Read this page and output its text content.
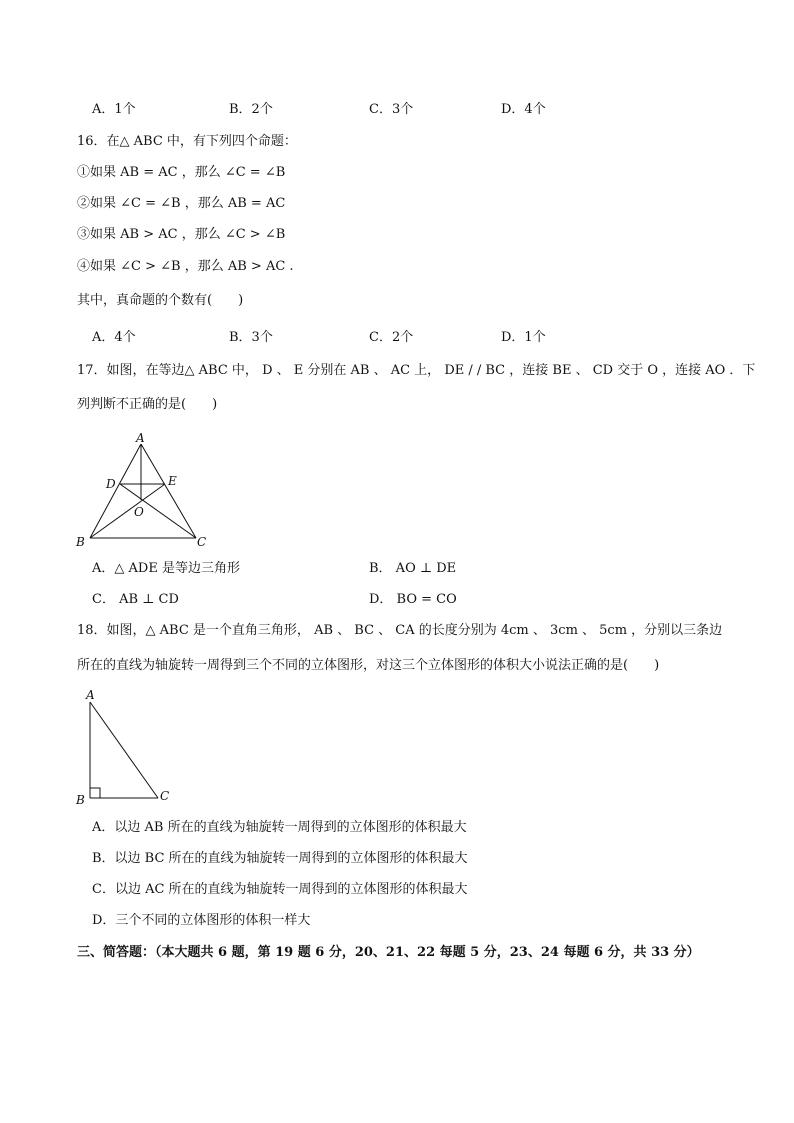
A．1个	B．2个	C．3个	D．4个
16．在△ ABC 中，有下列四个命题：
①如果 AB = AC ，那么 ∠C = ∠B
②如果 ∠C = ∠B ，那么 AB = AC
③如果 AB > AC ，那么 ∠C > ∠B
④如果 ∠C > ∠B ，那么 AB > AC .
其中，真命题的个数有(　　)
A．4个	B．3个	C．2个	D．1个
17．如图，在等边△ ABC 中， D 、 E 分别在 AB 、 AC 上， DE / / BC ，连接 BE 、 CD 交于 O ，连接 AO ．下
列判断不正确的是(　　)
A
B	C
D	E
O
A．△ ADE 是等边三角形	B． AO ⊥ DE
C． AB ⊥ CD	D． BO = CO
18．如图，△ ABC 是一个直角三角形， AB 、 BC 、 CA 的长度分别为 4cm 、 3cm 、 5cm ，分别以三条边
所在的直线为轴旋转一周得到三个不同的立体图形，对这三个立体图形的体积大小说法正确的是(　　)
A
B	C
A．以边 AB 所在的直线为轴旋转一周得到的立体图形的体积最大
B．以边 BC 所在的直线为轴旋转一周得到的立体图形的体积最大
C．以边 AC 所在的直线为轴旋转一周得到的立体图形的体积最大
D．三个不同的立体图形的体积一样大
三、简答题：（本大题共 6 题，第 19 题 6 分，20、21、22 每题 5 分，23、24 每题 6 分，共 33 分）
